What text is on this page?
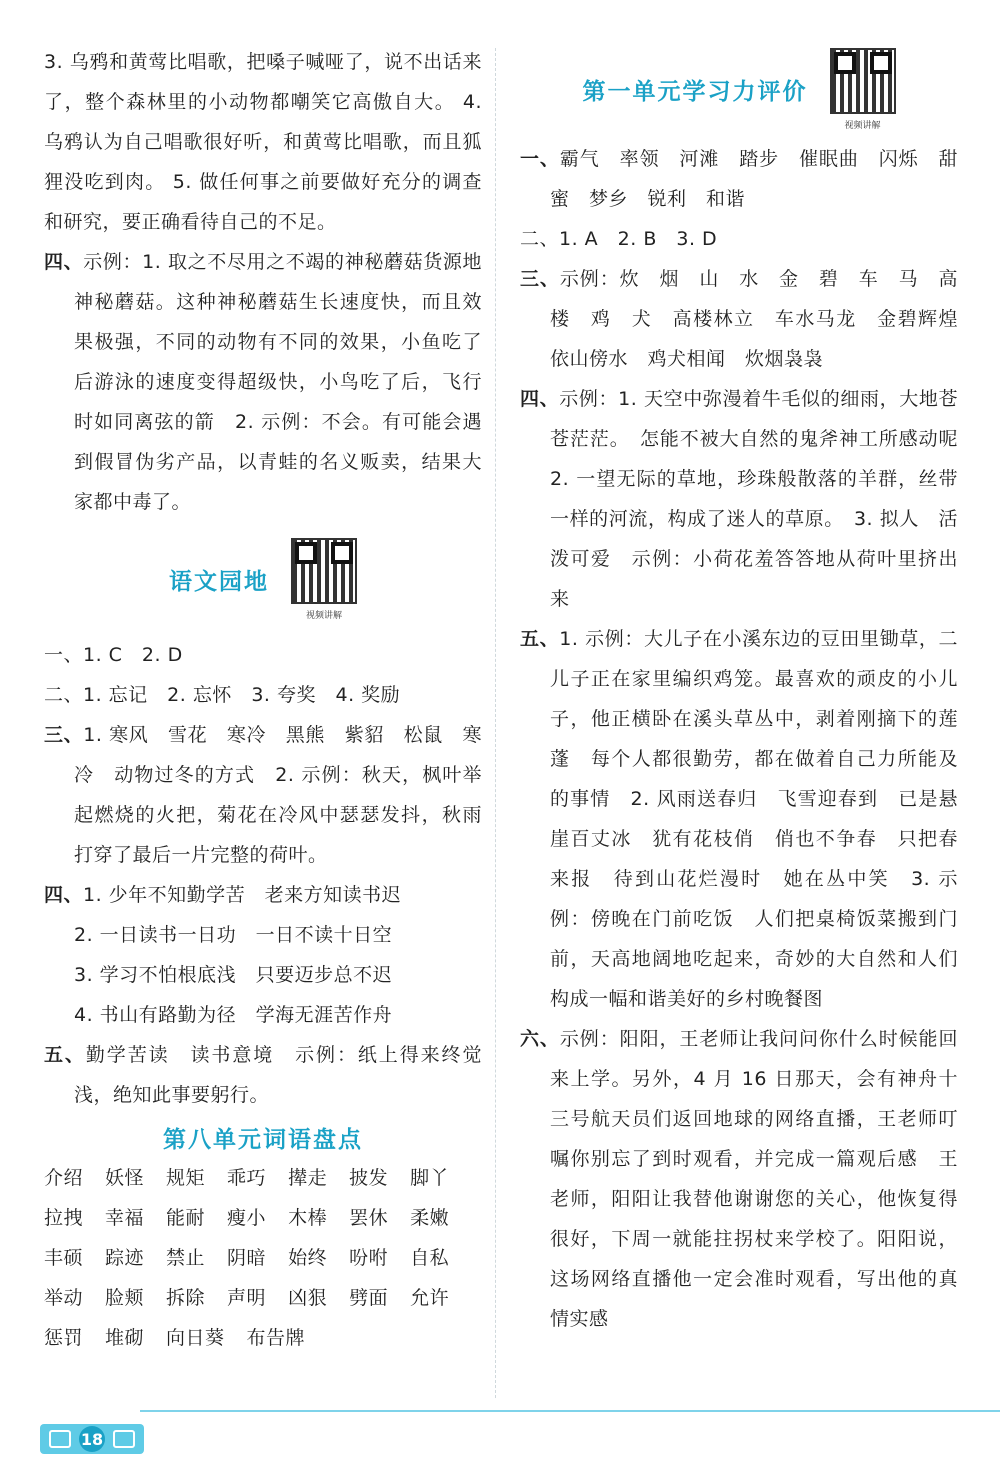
3. 乌鸦和黄莺比唱歌，把嗓子喊哑了，说不出话来了，整个森林里的小动物都嘲笑它高傲自大。 4. 乌鸦认为自己唱歌很好听，和黄莺比唱歌，而且狐狸没吃到肉。 5. 做任何事之前要做好充分的调查和研究，要正确看待自己的不足。

四、示例：1. 取之不尽用之不竭的神秘蘑菇货源地　神秘蘑菇。这种神秘蘑菇生长速度快，而且效果极强，不同的动物有不同的效果，小鱼吃了后游泳的速度变得超级快，小鸟吃了后，飞行时如同离弦的箭　2. 示例：不会。有可能会遇到假冒伪劣产品，以青蛙的名义贩卖，结果大家都中毒了。

语文园地
视频讲解

一、1. C　2. D

二、1. 忘记　2. 忘怀　3. 夸奖　4. 奖励

三、1. 寒风　雪花　寒冷　黑熊　紫貂　松鼠　寒冷　动物过冬的方式　2. 示例：秋天，枫叶举起燃烧的火把，菊花在冷风中瑟瑟发抖，秋雨打穿了最后一片完整的荷叶。

四、1. 少年不知勤学苦　老来方知读书迟

2. 一日读书一日功　一日不读十日空

3. 学习不怕根底浅　只要迈步总不迟

4. 书山有路勤为径　学海无涯苦作舟

五、勤学苦读　读书意境　示例：纸上得来终觉浅，绝知此事要躬行。

第八单元词语盘点
介绍 妖怪 规矩 乖巧 撵走 披发 脚丫
拉拽 幸福 能耐 瘦小 木棒 罢休 柔嫩
丰硕 踪迹 禁止 阴暗 始终 吩咐 自私
举动 脸颊 拆除 声明 凶狠 劈面 允许
惩罚 堆砌 向日葵 布告牌
第一单元学习力评价
视频讲解

一、霸气　率领　河滩　踏步　催眠曲　闪烁　甜蜜　梦乡　锐利　和谐

二、1. A　2. B　3. D

三、示例：炊　烟　山　水　金　碧　车　马　高　楼　鸡　犬　高楼林立　车水马龙　金碧辉煌　依山傍水　鸡犬相闻　炊烟袅袅

四、示例：1. 天空中弥漫着牛毛似的细雨，大地苍苍茫茫。　怎能不被大自然的鬼斧神工所感动呢　2. 一望无际的草地，珍珠般散落的羊群，丝带一样的河流，构成了迷人的草原。　3. 拟人　活泼可爱　示例：小荷花羞答答地从荷叶里挤出来

五、1. 示例：大儿子在小溪东边的豆田里锄草，二儿子正在家里编织鸡笼。最喜欢的顽皮的小儿子，他正横卧在溪头草丛中，剥着刚摘下的莲蓬　每个人都很勤劳，都在做着自己力所能及的事情　2. 风雨送春归　飞雪迎春到　已是悬崖百丈冰　犹有花枝俏　俏也不争春　只把春来报　待到山花烂漫时　她在丛中笑　3. 示例：傍晚在门前吃饭　人们把桌椅饭菜搬到门前，天高地阔地吃起来，奇妙的大自然和人们构成一幅和谐美好的乡村晚餐图

六、示例：阳阳，王老师让我问问你什么时候能回来上学。另外，4 月 16 日那天，会有神舟十三号航天员们返回地球的网络直播，王老师叮嘱你别忘了到时观看，并完成一篇观后感　王老师，阳阳让我替他谢谢您的关心，他恢复得很好，下周一就能拄拐杖来学校了。阳阳说，这场网络直播他一定会准时观看，写出他的真情实感

18
